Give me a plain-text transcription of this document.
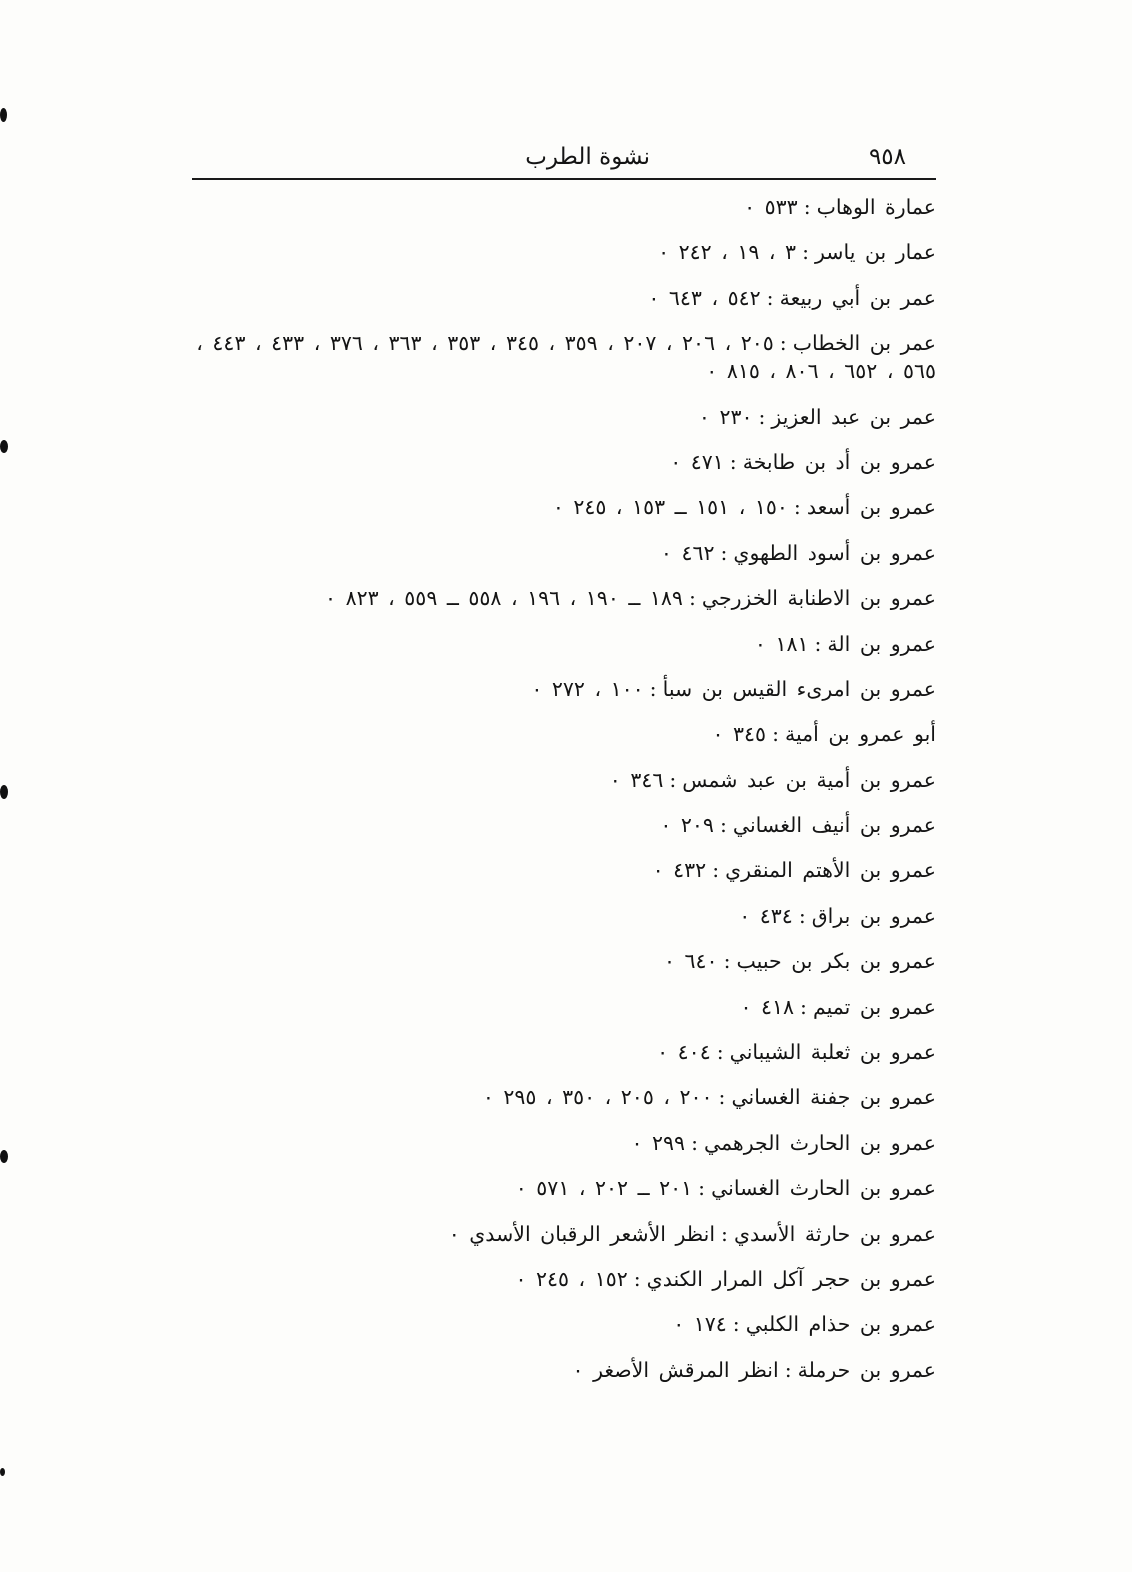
٩٥٨
نشوة الطرب
عمارة الوهاب:٥٣٣ ٠
عمار بن ياسر:٣ ، ١٩ ، ٢٤٢ ٠
عمر بن أبي ربيعة:٥٤٢ ، ٦٤٣ ٠
عمر بن الخطاب:٢٠٥ ، ٢٠٦ ، ٢٠٧ ، ٣٥٩ ، ٣٤٥ ، ٣٥٣ ، ٣٦٣ ، ٣٧٦ ، ٤٣٣ ، ٤٤٣ ، ٥٦٥ ، ٦٥٢ ، ٨٠٦ ، ٨١٥ ٠
عمر بن عبد العزيز:٢٣٠ ٠
عمرو بن أد بن طابخة:٤٧١ ٠
عمرو بن أسعد:١٥٠ ، ١٥١ ــ ١٥٣ ، ٢٤٥ ٠
عمرو بن أسود الطهوي:٤٦٢ ٠
عمرو بن الاطنابة الخزرجي:١٨٩ ــ ١٩٠ ، ١٩٦ ، ٥٥٨ ــ ٥٥٩ ، ٨٢٣ ٠
عمرو بن الة:١٨١ ٠
عمرو بن امرىء القيس بن سبأ:١٠٠ ، ٢٧٢ ٠
أبو عمرو بن أمية:٣٤٥ ٠
عمرو بن أمية بن عبد شمس:٣٤٦ ٠
عمرو بن أنيف الغساني:٢٠٩ ٠
عمرو بن الأهتم المنقري:٤٣٢ ٠
عمرو بن براق:٤٣٤ ٠
عمرو بن بكر بن حبيب:٦٤٠ ٠
عمرو بن تميم:٤١٨ ٠
عمرو بن ثعلبة الشيباني:٤٠٤ ٠
عمرو بن جفنة الغساني:٢٠٠ ، ٢٠٥ ، ٣٥٠ ، ٢٩٥ ٠
عمرو بن الحارث الجرهمي:٢٩٩ ٠
عمرو بن الحارث الغساني:٢٠١ ــ ٢٠٢ ، ٥٧١ ٠
عمرو بن حارثة الأسدي:انظر الأشعر الرقبان الأسدي ٠
عمرو بن حجر آكل المرار الكندي:١٥٢ ، ٢٤٥ ٠
عمرو بن حذام الكلبي:١٧٤ ٠
عمرو بن حرملة:انظر المرقش الأصغر ٠
